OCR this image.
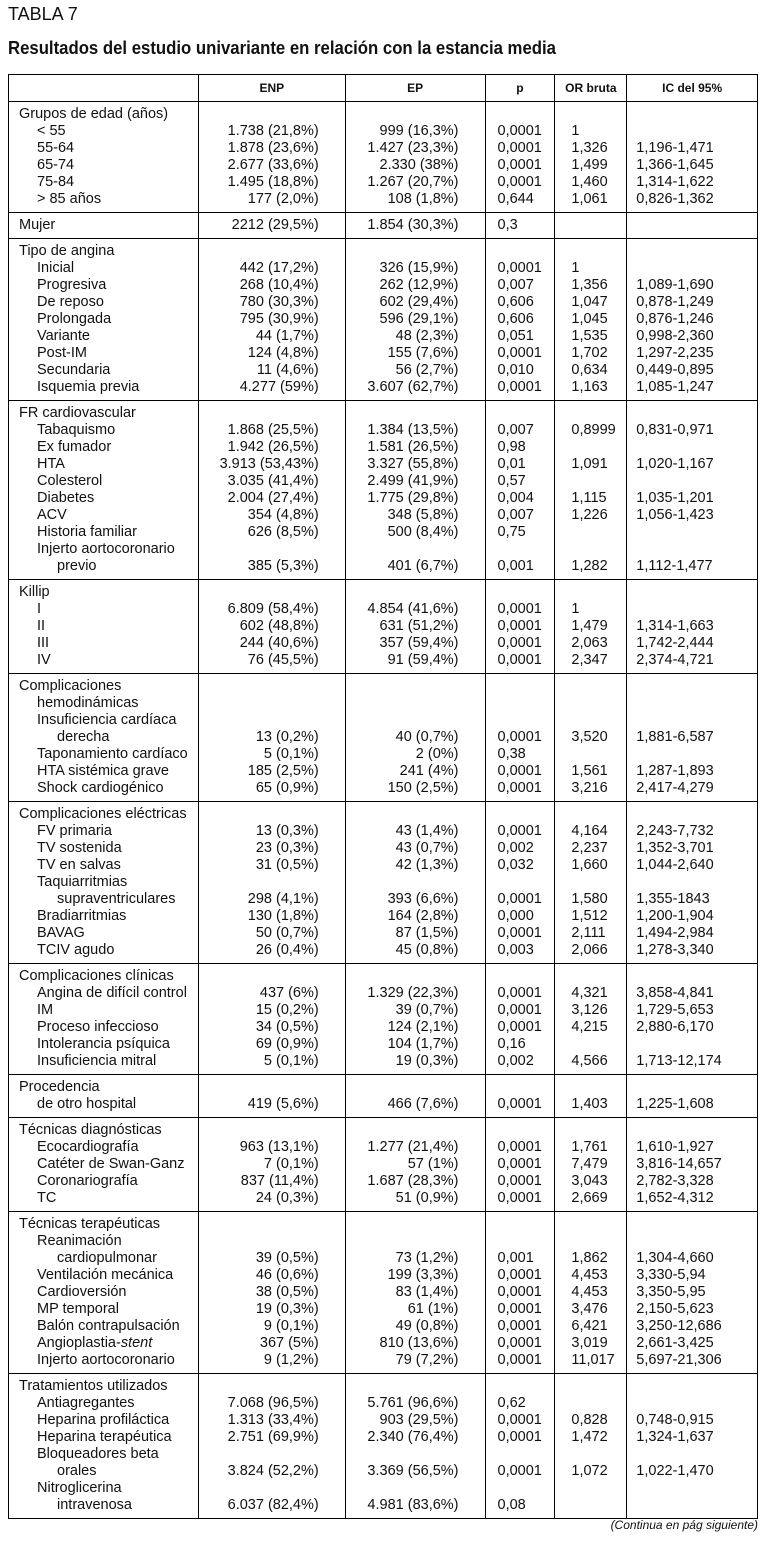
TABLA 7
Resultados del estudio univariante en relación con la estancia media
	ENP	EP	p	OR bruta	IC del 95%
Grupos de edad (años)					
< 55	1.738 (21,8%)	999 (16,3%)	0,0001	1	
55-64	1.878 (23,6%)	1.427 (23,3%)	0,0001	1,326	1,196-1,471
65-74	2.677 (33,6%)	2.330 (38%)	0,0001	1,499	1,366-1,645
75-84	1.495 (18,8%)	1.267 (20,7%)	0,0001	1,460	1,314-1,622
> 85 años	177 (2,0%)	108 (1,8%)	0,644	1,061	0,826-1,362
Mujer	2212 (29,5%)	1.854 (30,3%)	0,3		
Tipo de angina					
Inicial	442 (17,2%)	326 (15,9%)	0,0001	1	
Progresiva	268 (10,4%)	262 (12,9%)	0,007	1,356	1,089-1,690
De reposo	780 (30,3%)	602 (29,4%)	0,606	1,047	0,878-1,249
Prolongada	795 (30,9%)	596 (29,1%)	0,606	1,045	0,876-1,246
Variante	44 (1,7%)	48 (2,3%)	0,051	1,535	0,998-2,360
Post-IM	124 (4,8%)	155 (7,6%)	0,0001	1,702	1,297-2,235
Secundaria	11 (4,6%)	56 (2,7%)	0,010	0,634	0,449-0,895
Isquemia previa	4.277 (59%)	3.607 (62,7%)	0,0001	1,163	1,085-1,247
FR cardiovascular					
Tabaquismo	1.868 (25,5%)	1.384 (13,5%)	0,007	0,8999	0,831-0,971
Ex fumador	1.942 (26,5%)	1.581 (26,5%)	0,98		
HTA	3.913 (53,43%)	3.327 (55,8%)	0,01	1,091	1,020-1,167
Colesterol	3.035 (41,4%)	2.499 (41,9%)	0,57		
Diabetes	2.004 (27,4%)	1.775 (29,8%)	0,004	1,115	1,035-1,201
ACV	354 (4,8%)	348 (5,8%)	0,007	1,226	1,056-1,423
Historia familiar	626 (8,5%)	500 (8,4%)	0,75		
Injerto aortocoronario					
previo	385 (5,3%)	401 (6,7%)	0,001	1,282	1,112-1,477
Killip					
I	6.809 (58,4%)	4.854 (41,6%)	0,0001	1	
II	602 (48,8%)	631 (51,2%)	0,0001	1,479	1,314-1,663
III	244 (40,6%)	357 (59,4%)	0,0001	2,063	1,742-2,444
IV	76 (45,5%)	91 (59,4%)	0,0001	2,347	2,374-4,721
Complicaciones					
hemodinámicas					
Insuficiencia cardíaca					
derecha	13 (0,2%)	40 (0,7%)	0,0001	3,520	1,881-6,587
Taponamiento cardíaco	5 (0,1%)	2 (0%)	0,38		
HTA sistémica grave	185 (2,5%)	241 (4%)	0,0001	1,561	1,287-1,893
Shock cardiogénico	65 (0,9%)	150 (2,5%)	0,0001	3,216	2,417-4,279
Complicaciones eléctricas					
FV primaria	13 (0,3%)	43 (1,4%)	0,0001	4,164	2,243-7,732
TV sostenida	23 (0,3%)	43 (0,7%)	0,002	2,237	1,352-3,701
TV en salvas	31 (0,5%)	42 (1,3%)	0,032	1,660	1,044-2,640
Taquiarritmias					
supraventriculares	298 (4,1%)	393 (6,6%)	0,0001	1,580	1,355-1843
Bradiarritmias	130 (1,8%)	164 (2,8%)	0,000	1,512	1,200-1,904
BAVAG	50 (0,7%)	87 (1,5%)	0,0001	2,111	1,494-2,984
TCIV agudo	26 (0,4%)	45 (0,8%)	0,003	2,066	1,278-3,340
Complicaciones clínicas					
Angina de difícil control	437 (6%)	1.329 (22,3%)	0,0001	4,321	3,858-4,841
IM	15 (0,2%)	39 (0,7%)	0,0001	3,126	1,729-5,653
Proceso infeccioso	34 (0,5%)	124 (2,1%)	0,0001	4,215	2,880-6,170
Intolerancia psíquica	69 (0,9%)	104 (1,7%)	0,16		
Insuficiencia mitral	5 (0,1%)	19 (0,3%)	0,002	4,566	1,713-12,174
Procedencia					
de otro hospital	419 (5,6%)	466 (7,6%)	0,0001	1,403	1,225-1,608
Técnicas diagnósticas					
Ecocardiografía	963 (13,1%)	1.277 (21,4%)	0,0001	1,761	1,610-1,927
Catéter de Swan-Ganz	7 (0,1%)	57 (1%)	0,0001	7,479	3,816-14,657
Coronariografía	837 (11,4%)	1.687 (28,3%)	0,0001	3,043	2,782-3,328
TC	24 (0,3%)	51 (0,9%)	0,0001	2,669	1,652-4,312
Técnicas terapéuticas					
Reanimación					
cardiopulmonar	39 (0,5%)	73 (1,2%)	0,001	1,862	1,304-4,660
Ventilación mecánica	46 (0,6%)	199 (3,3%)	0,0001	4,453	3,330-5,94
Cardioversión	38 (0,5%)	83 (1,4%)	0,0001	4,453	3,350-5,95
MP temporal	19 (0,3%)	61 (1%)	0,0001	3,476	2,150-5,623
Balón contrapulsación	9 (0,1%)	49 (0,8%)	0,0001	6,421	3,250-12,686
Angioplastia-stent	367 (5%)	810 (13,6%)	0,0001	3,019	2,661-3,425
Injerto aortocoronario	9 (1,2%)	79 (7,2%)	0,0001	11,017	5,697-21,306
Tratamientos utilizados					
Antiagregantes	7.068 (96,5%)	5.761 (96,6%)	0,62		
Heparina profiláctica	1.313 (33,4%)	903 (29,5%)	0,0001	0,828	0,748-0,915
Heparina terapéutica	2.751 (69,9%)	2.340 (76,4%)	0,0001	1,472	1,324-1,637
Bloqueadores beta					
orales	3.824 (52,2%)	3.369 (56,5%)	0,0001	1,072	1,022-1,470
Nitroglicerina					
intravenosa	6.037 (82,4%)	4.981 (83,6%)	0,08		
(Continua en pág siguiente)
